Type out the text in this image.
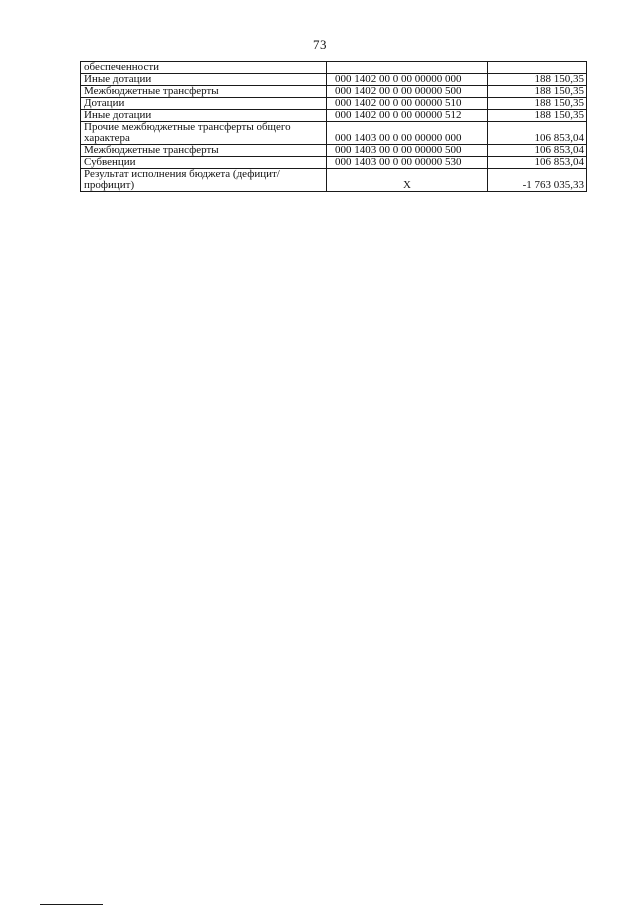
73
обеспеченности		
Иные дотации	000 1402 00 0 00 00000 000	188 150,35
Межбюджетные трансферты	000 1402 00 0 00 00000 500	188 150,35
Дотации	000 1402 00 0 00 00000 510	188 150,35
Иные дотации	000 1402 00 0 00 00000 512	188 150,35
Прочие межбюджетные трансферты общего характера	000 1403 00 0 00 00000 000	106 853,04
Межбюджетные трансферты	000 1403 00 0 00 00000 500	106 853,04
Субвенции	000 1403 00 0 00 00000 530	106 853,04
Результат исполнения бюджета (дефицит/ профицит)	X	-1 763 035,33
